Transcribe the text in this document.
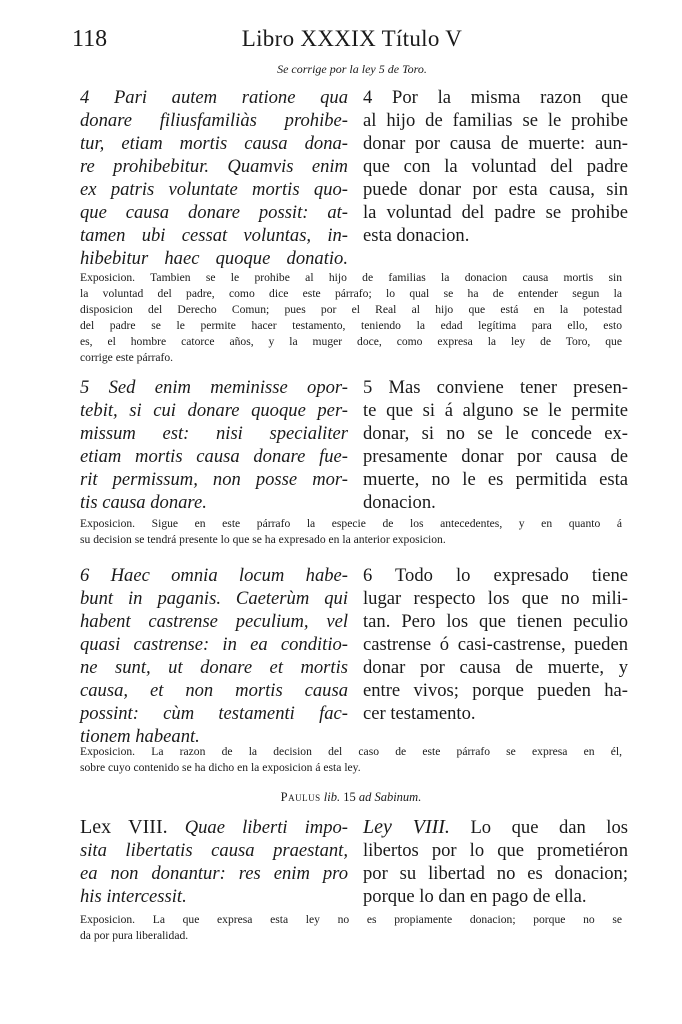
118	Libro XXXIX Título V
Se corrige por la ley 5 de Toro.
4 Pari autem ratione qua
donare filiusfamiliàs prohibe-
tur, etiam mortis causa dona-
re prohibebitur. Quamvis enim
ex patris voluntate mortis quo-
que causa donare possit: at-
tamen ubi cessat voluntas, in-
hibebitur haec quoque donatio.
4 Por la misma razon que
al hijo de familias se le prohibe
donar por causa de muerte: aun-
que con la voluntad del padre
puede donar por esta causa, sin
la voluntad del padre se prohibe
esta donacion.
Exposicion. Tambien se le prohibe al hijo de familias la donacion causa mortis sin
la voluntad del padre, como dice este párrafo; lo qual se ha de entender segun la
disposicion del Derecho Comun; pues por el Real al hijo que está en la potestad
del padre se le permite hacer testamento, teniendo la edad legítima para ello, esto
es, el hombre catorce años, y la muger doce, como expresa la ley de Toro, que
corrige este párrafo.
5 Sed enim meminisse opor-
tebit, si cui donare quoque per-
missum est: nisi specialiter
etiam mortis causa donare fue-
rit permissum, non posse mor-
tis causa donare.
5 Mas conviene tener presen-
te que si á alguno se le permite
donar, si no se le concede ex-
presamente donar por causa de
muerte, no le es permitida esta
donacion.
Exposicion. Sigue en este párrafo la especie de los antecedentes, y en quanto á
su decision se tendrá presente lo que se ha expresado en la anterior exposicion.
6 Haec omnia locum habe-
bunt in paganis. Caeterùm qui
habent castrense peculium, vel
quasi castrense: in ea conditio-
ne sunt, ut donare et mortis
causa, et non mortis causa
possint: cùm testamenti fac-
tionem habeant.
6 Todo lo expresado tiene
lugar respecto los que no mili-
tan. Pero los que tienen peculio
castrense ó casi-castrense, pueden
donar por causa de muerte, y
entre vivos; porque pueden ha-
cer testamento.
Exposicion. La razon de la decision del caso de este párrafo se expresa en él,
sobre cuyo contenido se ha dicho en la exposicion á esta ley.
Paulus lib. 15 ad Sabinum.
Lex VIII. Quae liberti impo-
sita libertatis causa praestant,
ea non donantur: res enim pro
his intercessit.
Ley VIII. Lo que dan los
libertos por lo que prometiéron
por su libertad no es donacion;
porque lo dan en pago de ella.
Exposicion. La que expresa esta ley no es propiamente donacion; porque no se
da por pura liberalidad.
